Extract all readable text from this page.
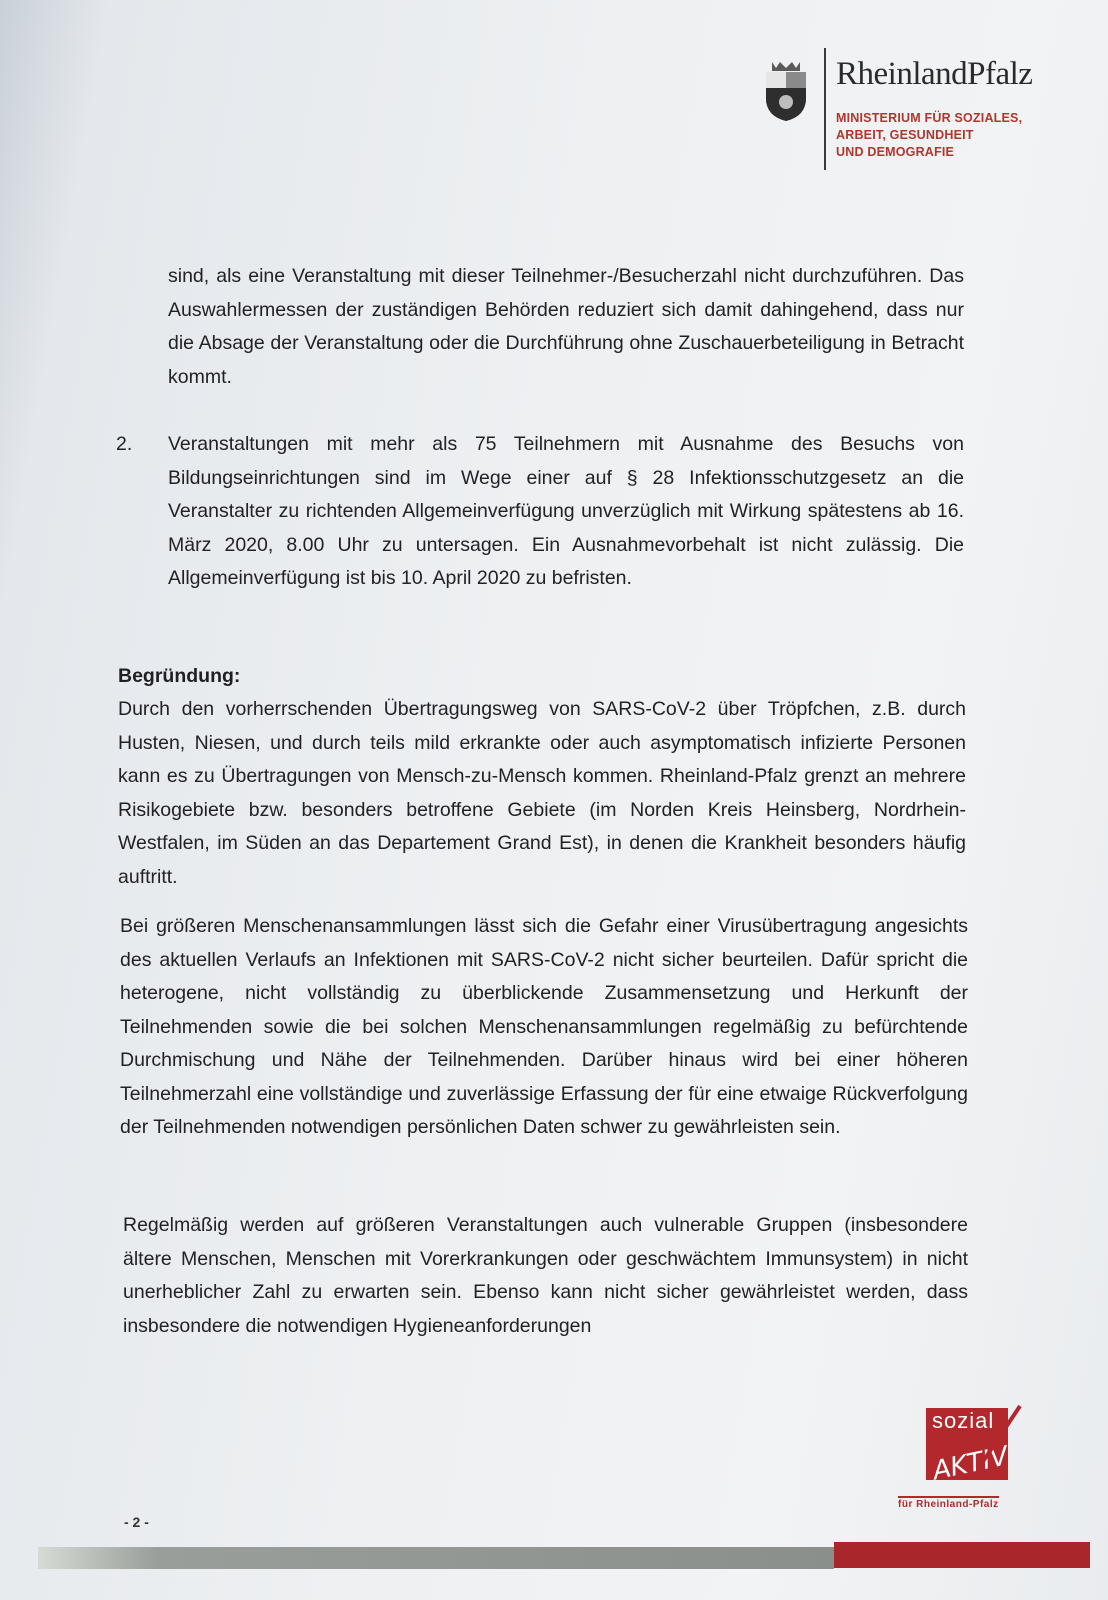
RheinlandPfalz
MINISTERIUM FÜR SOZIALES,
ARBEIT, GESUNDHEIT
UND DEMOGRAFIE

sind, als eine Veranstaltung mit dieser Teilnehmer-/Besucherzahl nicht durchzuführen. Das Auswahlermessen der zuständigen Behörden reduziert sich damit dahingehend, dass nur die Absage der Veranstaltung oder die Durchführung ohne Zuschauerbeteiligung in Betracht kommt.

2. Veranstaltungen mit mehr als 75 Teilnehmern mit Ausnahme des Besuchs von Bildungseinrichtungen sind im Wege einer auf § 28 Infektionsschutzgesetz an die Veranstalter zu richtenden Allgemeinverfügung unverzüglich mit Wirkung spätestens ab 16. März 2020, 8.00 Uhr zu untersagen. Ein Ausnahmevorbehalt ist nicht zulässig. Die Allgemeinverfügung ist bis 10. April 2020 zu befristen.

Begründung:

Durch den vorherrschenden Übertragungsweg von SARS-CoV-2 über Tröpfchen, z.B. durch Husten, Niesen, und durch teils mild erkrankte oder auch asymptomatisch infizierte Personen kann es zu Übertragungen von Mensch-zu-Mensch kommen. Rheinland-Pfalz grenzt an mehrere Risikogebiete bzw. besonders betroffene Gebiete (im Norden Kreis Heinsberg, Nordrhein-Westfalen, im Süden an das Departement Grand Est), in denen die Krankheit besonders häufig auftritt.

Bei größeren Menschenansammlungen lässt sich die Gefahr einer Virusübertragung angesichts des aktuellen Verlaufs an Infektionen mit SARS-CoV-2 nicht sicher beurteilen. Dafür spricht die heterogene, nicht vollständig zu überblickende Zusammensetzung und Herkunft der Teilnehmenden sowie die bei solchen Menschenansammlungen regelmäßig zu befürchtende Durchmischung und Nähe der Teilnehmenden. Darüber hinaus wird bei einer höheren Teilnehmerzahl eine vollständige und zuverlässige Erfassung der für eine etwaige Rückverfolgung der Teilnehmenden notwendigen persönlichen Daten schwer zu gewährleisten sein.

Regelmäßig werden auf größeren Veranstaltungen auch vulnerable Gruppen (insbesondere ältere Menschen, Menschen mit Vorerkrankungen oder geschwächtem Immunsystem) in nicht unerheblicher Zahl zu erwarten sein. Ebenso kann nicht sicher gewährleistet werden, dass insbesondere die notwendigen Hygieneanforderungen

- 2 -
sozial
AKTIV
für Rheinland-Pfalz
